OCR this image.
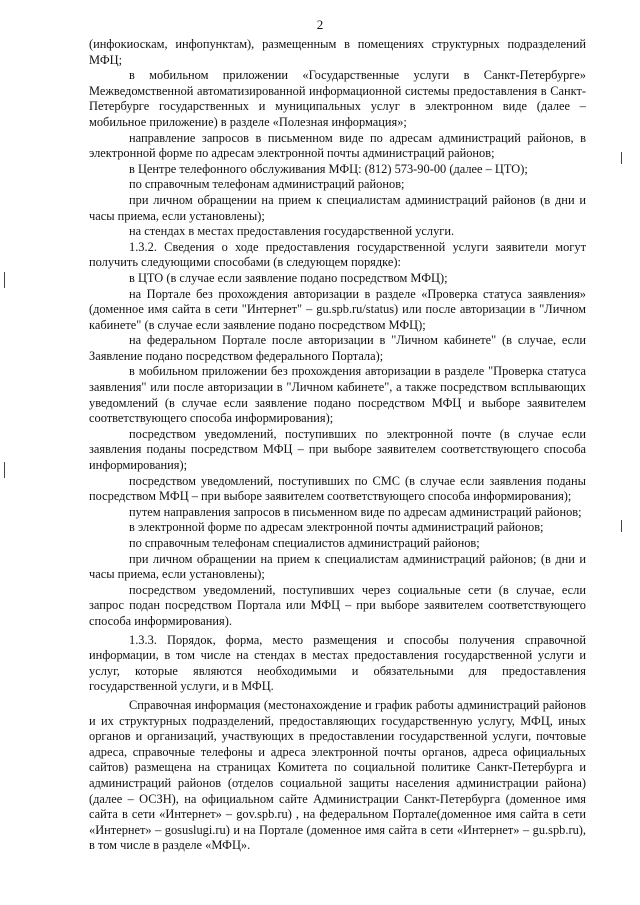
2

(инфокиоскам, инфопунктам), размещенным в помещениях структурных подразделений МФЦ;

в мобильном приложении «Государственные услуги в Санкт-Петербурге» Межведомственной автоматизированной информационной системы предоставления в Санкт-Петербурге государственных и муниципальных услуг в электронном виде (далее – мобильное приложение) в разделе «Полезная информация»;

направление запросов в письменном виде по адресам администраций районов, в электронной форме по адресам электронной почты администраций районов;

в Центре телефонного обслуживания МФЦ: (812) 573-90-00 (далее – ЦТО);

по справочным телефонам администраций районов;

при личном обращении на прием к специалистам администраций районов (в дни и часы приема, если установлены);

на стендах в местах предоставления государственной услуги.

1.3.2. Сведения о ходе предоставления государственной услуги заявители могут получить следующими способами (в следующем порядке):

в ЦТО (в случае если заявление подано посредством МФЦ);

на Портале без прохождения авторизации в разделе «Проверка статуса заявления» (доменное имя сайта в сети "Интернет" – gu.spb.ru/status) или после авторизации в "Личном кабинете" (в случае если заявление подано посредством МФЦ);

на федеральном Портале после авторизации в "Личном кабинете" (в случае, если Заявление подано посредством федерального Портала);

в мобильном приложении без прохождения авторизации в разделе "Проверка статуса заявления" или после авторизации в "Личном кабинете", а также посредством всплывающих уведомлений (в случае если заявление подано посредством МФЦ и выборе заявителем соответствующего способа информирования);

посредством уведомлений, поступивших по электронной почте (в случае если заявления поданы посредством МФЦ – при выборе заявителем соответствующего способа информирования);

посредством уведомлений, поступивших по СМС (в случае если заявления поданы посредством МФЦ – при выборе заявителем соответствующего способа информирования);

путем направления запросов в письменном виде по адресам администраций районов;

в электронной форме по адресам электронной почты администраций районов;

по справочным телефонам специалистов администраций районов;

при личном обращении на прием к специалистам администраций районов; (в дни и часы приема, если установлены);

посредством уведомлений, поступивших через социальные сети (в случае, если запрос подан посредством Портала или МФЦ – при выборе заявителем соответствующего способа информирования).

1.3.3. Порядок, форма, место размещения и способы получения справочной информации, в том числе на стендах в местах предоставления государственной услуги и услуг, которые являются необходимыми и обязательными для предоставления государственной услуги, и в МФЦ.

Справочная информация (местонахождение и график работы администраций районов и их структурных подразделений, предоставляющих государственную услугу, МФЦ, иных органов и организаций, участвующих в предоставлении государственной услуги, почтовые адреса, справочные телефоны и адреса электронной почты органов, адреса официальных сайтов) размещена на страницах Комитета по социальной политике Санкт-Петербурга и администраций районов (отделов социальной защиты населения администрации района) (далее – ОСЗН), на официальном сайте Администрации Санкт-Петербурга (доменное имя сайта в сети «Интернет» – gov.spb.ru) , на федеральном Портале(доменное имя сайта в сети «Интернет» – gosuslugi.ru) и на Портале (доменное имя сайта в сети «Интернет» – gu.spb.ru), в том числе в разделе «МФЦ».
